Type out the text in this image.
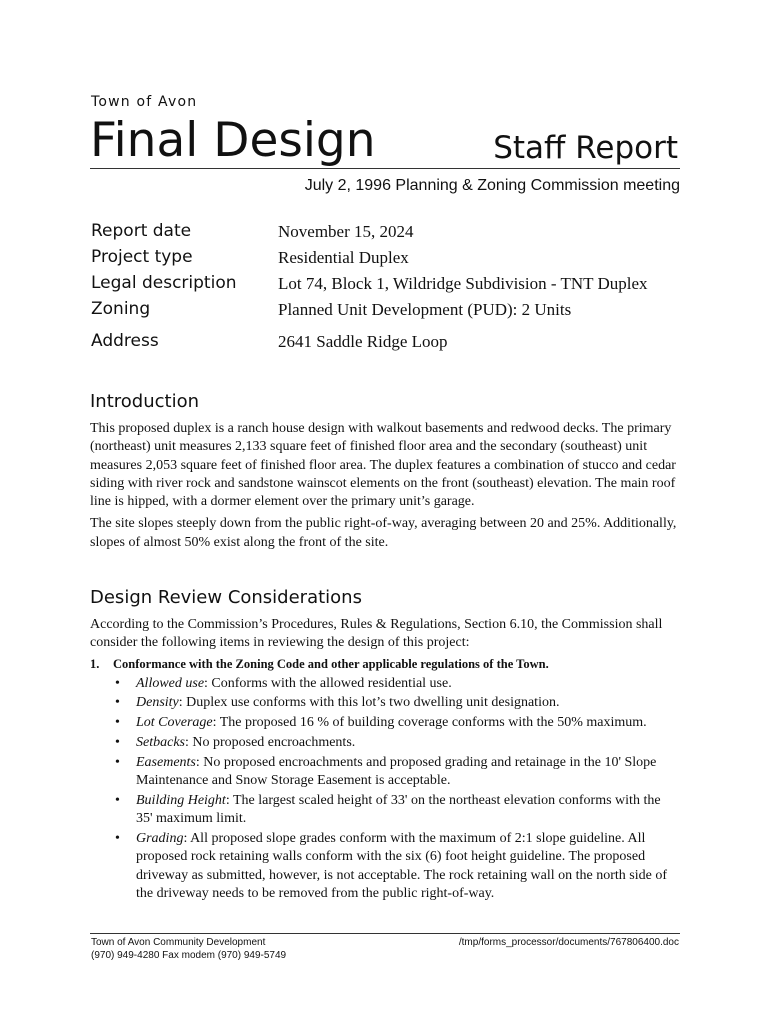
Town of Avon
Final Design	Staff Report
July 2, 1996 Planning & Zoning Commission meeting
Report date	November 15, 2024
Project type	Residential Duplex
Legal description	Lot 74, Block 1, Wildridge Subdivision - TNT Duplex
Zoning	Planned Unit Development (PUD): 2 Units
Address	2641 Saddle Ridge Loop
Introduction

This proposed duplex is a ranch house design with walkout basements and redwood decks. The primary (northeast) unit measures 2,133 square feet of finished floor area and the secondary (southeast) unit measures 2,053 square feet of finished floor area. The duplex features a combination of stucco and cedar siding with river rock and sandstone wainscot elements on the front (southeast) elevation. The main roof line is hipped, with a dormer element over the primary unit’s garage.

The site slopes steeply down from the public right-of-way, averaging between 20 and 25%. Additionally, slopes of almost 50% exist along the front of the site.

Design Review Considerations

According to the Commission’s Procedures, Rules & Regulations, Section 6.10, the Commission shall consider the following items in reviewing the design of this project:

1.	Conformance with the Zoning Code and other applicable regulations of the Town.
• Allowed use: Conforms with the allowed residential use.
• Density: Duplex use conforms with this lot’s two dwelling unit designation.
• Lot Coverage: The proposed 16 % of building coverage conforms with the 50% maximum.
• Setbacks: No proposed encroachments.
• Easements: No proposed encroachments and proposed grading and retainage in the 10' Slope Maintenance and Snow Storage Easement is acceptable.
• Building Height: The largest scaled height of 33' on the northeast elevation conforms with the 35' maximum limit.
• Grading: All proposed slope grades conform with the maximum of 2:1 slope guideline. All proposed rock retaining walls conform with the six (6) foot height guideline. The proposed driveway as submitted, however, is not acceptable. The rock retaining wall on the north side of the driveway needs to be removed from the public right-of-way.
Town of Avon Community Development
(970) 949-4280 Fax modem (970) 949-5749
/tmp/forms_processor/documents/767806400.doc
